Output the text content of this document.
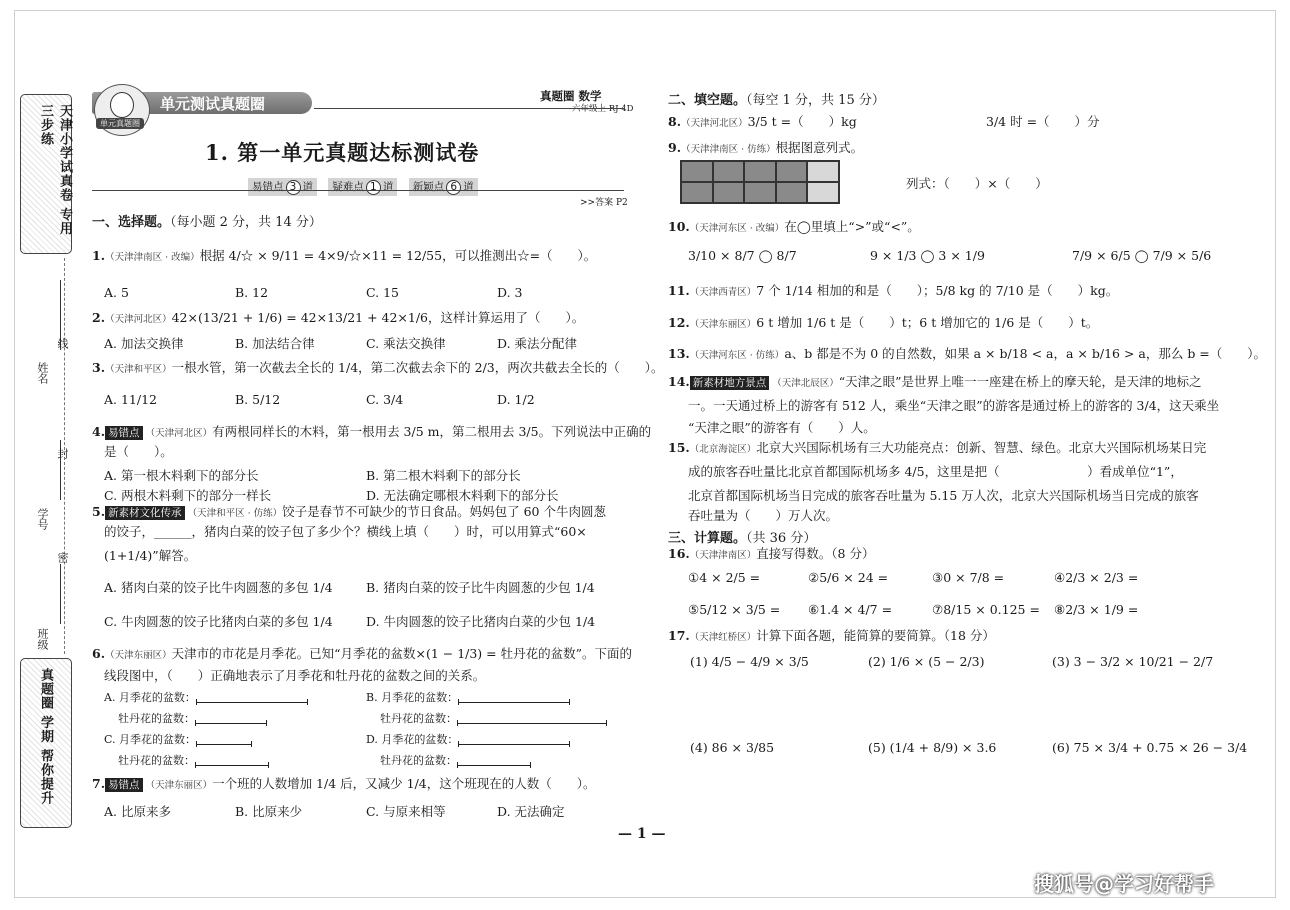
天津小学试真卷 专用 三步练
真题圈 学期 帮你提升
姓名
线
学号
封
密
班级
单元测试真题圈
单元真题圈
真题圈 数学
六年级上 RJ 4D
1. 第一单元真题达标测试卷
易错点 3 道 疑难点 1 道 新颖点 6 道
>>答案 P2
一、选择题。（每小题 2 分，共 14 分）
1.（天津津南区 · 改编）根据 4/☆ × 9/11 = 4×9/☆×11 = 12/55，可以推测出☆=（　　）。
A. 5	B. 12	C. 15	D. 3
2.（天津河北区）42×(13/21 + 1/6) = 42×13/21 + 42×1/6，这样计算运用了（　　）。
A. 加法交换律	B. 加法结合律	C. 乘法交换律	D. 乘法分配律
3.（天津和平区）一根水管，第一次截去全长的 1/4，第二次截去余下的 2/3，两次共截去全长的（　　）。
A. 11/12	B. 5/12	C. 3/4	D. 1/2
4. 易错点 （天津河北区）有两根同样长的木料，第一根用去 3/5 m，第二根用去 3/5。下列说法中正确的
是（　　）。
A. 第一根木料剩下的部分长	B. 第二根木料剩下的部分长
C. 两根木料剩下的部分一样长	D. 无法确定哪根木料剩下的部分长
5. 新素材文化传承 （天津和平区 · 仿练）饺子是春节不可缺少的节日食品。妈妈包了 60 个牛肉圆葱
的饺子，______，猪肉白菜的饺子包了多少个？横线上填（　　）时，可以用算式“60×
(1+1/4)”解答。
A. 猪肉白菜的饺子比牛肉圆葱的多包 1/4	B. 猪肉白菜的饺子比牛肉圆葱的少包 1/4
C. 牛肉圆葱的饺子比猪肉白菜的多包 1/4	D. 牛肉圆葱的饺子比猪肉白菜的少包 1/4
6.（天津东丽区）天津市的市花是月季花。已知“月季花的盆数×(1 − 1/3) = 牡丹花的盆数”。下面的
线段图中，（　　）正确地表示了月季花和牡丹花的盆数之间的关系。
A. 月季花的盆数：
牡丹花的盆数：
B. 月季花的盆数：
牡丹花的盆数：
C. 月季花的盆数：
牡丹花的盆数：
D. 月季花的盆数：
牡丹花的盆数：
7. 易错点 （天津东丽区）一个班的人数增加 1/4 后，又减少 1/4，这个班现在的人数（　　）。
A. 比原来多	B. 比原来少	C. 与原来相等	D. 无法确定
二、填空题。（每空 1 分，共 15 分）
8.（天津河北区）3/5 t =（　　）kg	3/4 时 =（　　）分
9.（天津津南区 · 仿练）根据图意列式。
列式：（　　）×（　　）
10.（天津河东区 · 改编）在◯里填上“>”或“<”。
3/10 × 8/7 ◯ 8/7	9 × 1/3 ◯ 3 × 1/9	7/9 × 6/5 ◯ 7/9 × 5/6
11.（天津西青区）7 个 1/14 相加的和是（　　）；5/8 kg 的 7/10 是（　　）kg。
12.（天津东丽区）6 t 增加 1/6 t 是（　　）t；6 t 增加它的 1/6 是（　　）t。
13.（天津河东区 · 仿练）a、b 都是不为 0 的自然数，如果 a × b/18 < a，a × b/16 > a，那么 b =（　　）。
14. 新素材地方景点 （天津北辰区）“天津之眼”是世界上唯一一座建在桥上的摩天轮，是天津的地标之
一。一天通过桥上的游客有 512 人，乘坐“天津之眼”的游客是通过桥上的游客的 3/4，这天乘坐
“天津之眼”的游客有（　　）人。
15.（北京海淀区）北京大兴国际机场有三大功能亮点：创新、智慧、绿色。北京大兴国际机场某日完
成的旅客吞吐量比北京首都国际机场多 4/5，这里是把（　　　　　　　）看成单位“1”，
北京首都国际机场当日完成的旅客吞吐量为 5.15 万人次，北京大兴国际机场当日完成的旅客
吞吐量为（　　）万人次。
三、计算题。（共 36 分）
16.（天津津南区）直接写得数。（8 分）
①4 × 2/5 =	②5/6 × 24 =	③0 × 7/8 =	④2/3 × 2/3 =
⑤5/12 × 3/5 = ⑥1.4 × 4/7 =	⑦8/15 × 0.125 = ⑧2/3 × 1/9 =
17.（天津红桥区）计算下面各题，能简算的要简算。（18 分）
(1) 4/5 − 4/9 × 3/5	(2) 1/6 × (5 − 2/3)	(3) 3 − 3/2 × 10/21 − 2/7
(4) 86 × 3/85	(5) (1/4 + 8/9) × 3.6	(6) 75 × 3/4 + 0.75 × 26 − 3/4
— 1 —
搜狐号@学习好帮手
